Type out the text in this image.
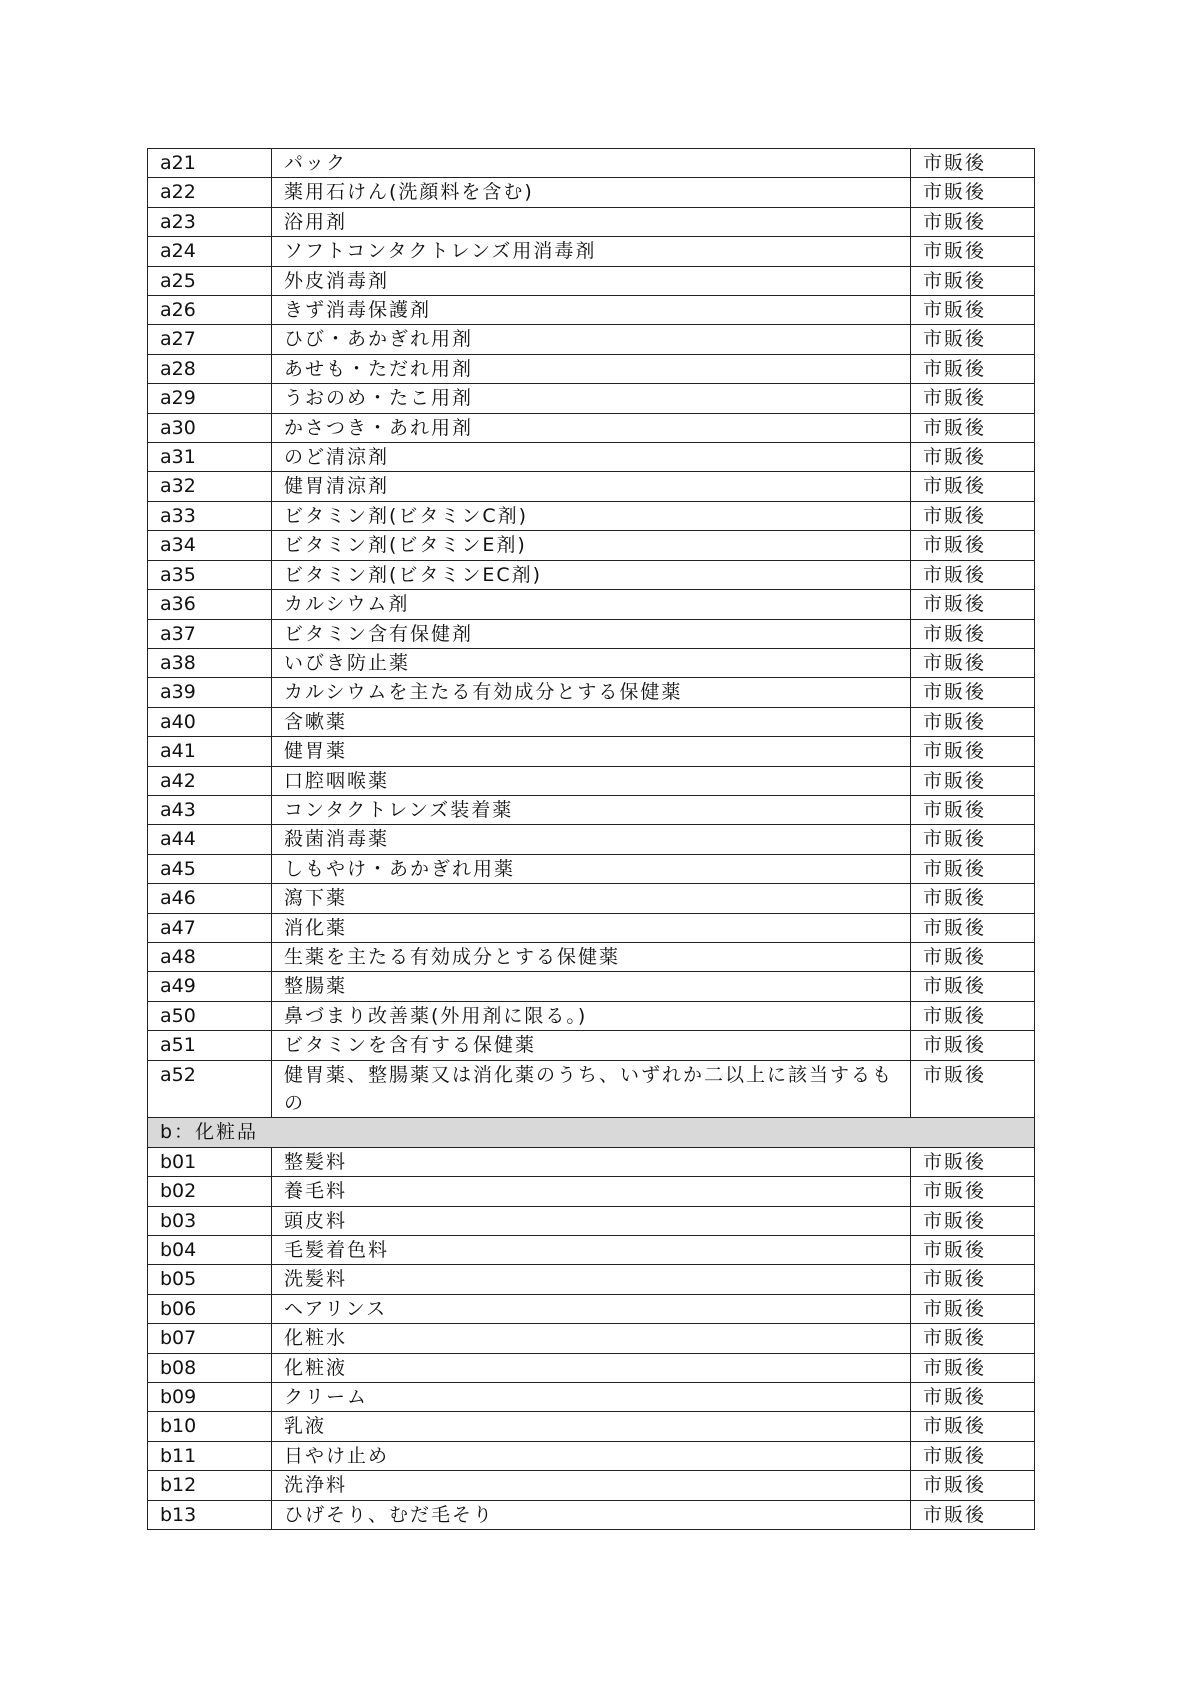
a21	パック	市販後
a22	薬用石けん(洗顔料を含む)	市販後
a23	浴用剤	市販後
a24	ソフトコンタクトレンズ用消毒剤	市販後
a25	外皮消毒剤	市販後
a26	きず消毒保護剤	市販後
a27	ひび・あかぎれ用剤	市販後
a28	あせも・ただれ用剤	市販後
a29	うおのめ・たこ用剤	市販後
a30	かさつき・あれ用剤	市販後
a31	のど清涼剤	市販後
a32	健胃清涼剤	市販後
a33	ビタミン剤(ビタミンC剤)	市販後
a34	ビタミン剤(ビタミンE剤)	市販後
a35	ビタミン剤(ビタミンEC剤)	市販後
a36	カルシウム剤	市販後
a37	ビタミン含有保健剤	市販後
a38	いびき防止薬	市販後
a39	カルシウムを主たる有効成分とする保健薬	市販後
a40	含嗽薬	市販後
a41	健胃薬	市販後
a42	口腔咽喉薬	市販後
a43	コンタクトレンズ装着薬	市販後
a44	殺菌消毒薬	市販後
a45	しもやけ・あかぎれ用薬	市販後
a46	瀉下薬	市販後
a47	消化薬	市販後
a48	生薬を主たる有効成分とする保健薬	市販後
a49	整腸薬	市販後
a50	鼻づまり改善薬(外用剤に限る。)	市販後
a51	ビタミンを含有する保健薬	市販後
a52	健胃薬、整腸薬又は消化薬のうち、いずれか二以上に該当するもの	市販後
b：化粧品		
b01	整髪料	市販後
b02	養毛料	市販後
b03	頭皮料	市販後
b04	毛髪着色料	市販後
b05	洗髪料	市販後
b06	ヘアリンス	市販後
b07	化粧水	市販後
b08	化粧液	市販後
b09	クリーム	市販後
b10	乳液	市販後
b11	日やけ止め	市販後
b12	洗浄料	市販後
b13	ひげそり、むだ毛そり	市販後
